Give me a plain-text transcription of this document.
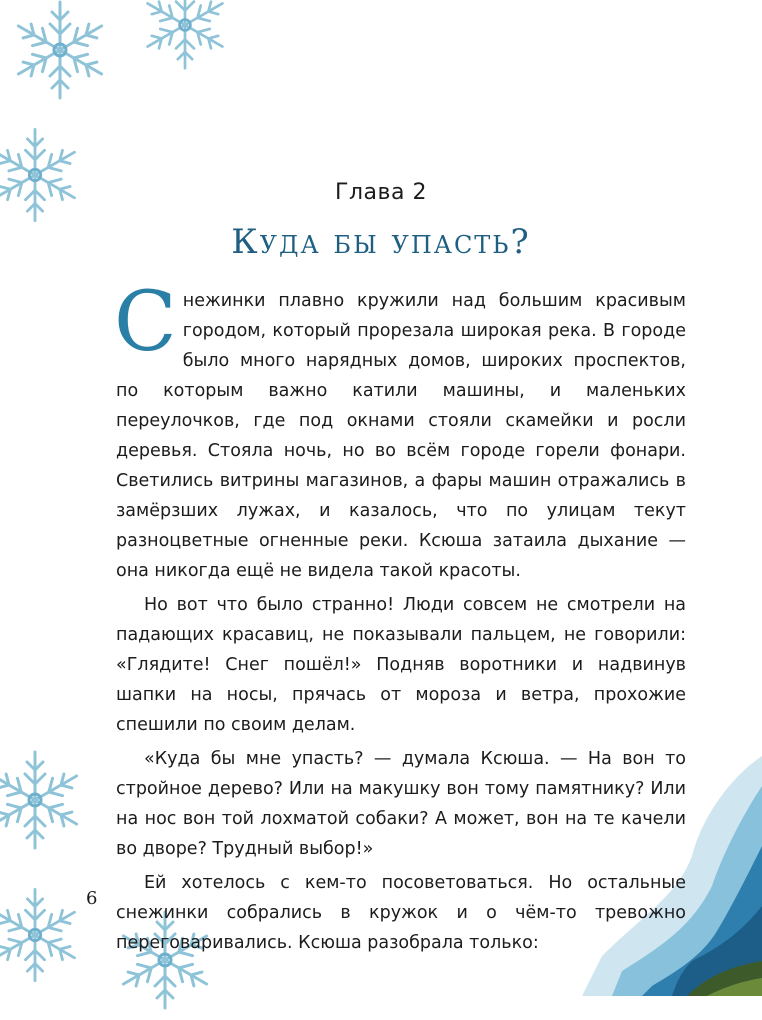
Глава 2
Куда бы упасть?

Снежинки плавно кружили над большим красивым городом, который прорезала широкая река. В городе было много нарядных домов, широких проспектов, по которым важно катили машины, и маленьких переулочков, где под окнами стояли скамейки и росли деревья. Стояла ночь, но во всём городе горели фонари. Светились витрины магазинов, а фары машин отражались в замёрзших лужах, и казалось, что по улицам текут разноцветные огненные реки. Ксюша затаила дыхание — она никогда ещё не видела такой красоты.

Но вот что было странно! Люди совсем не смотрели на падающих красавиц, не показывали пальцем, не говорили: «Глядите! Снег пошёл!» Подняв воротники и надвинув шапки на носы, прячась от мороза и ветра, прохожие спешили по своим делам.

«Куда бы мне упасть? — думала Ксюша. — На вон то стройное дерево? Или на макушку вон тому памятнику? Или на нос вон той лохматой собаки? А может, вон на те качели во дворе? Трудный выбор!»

Ей хотелось с кем-то посоветоваться. Но остальные снежинки собрались в кружок и о чём-то тревожно переговаривались. Ксюша разобрала только:

6
